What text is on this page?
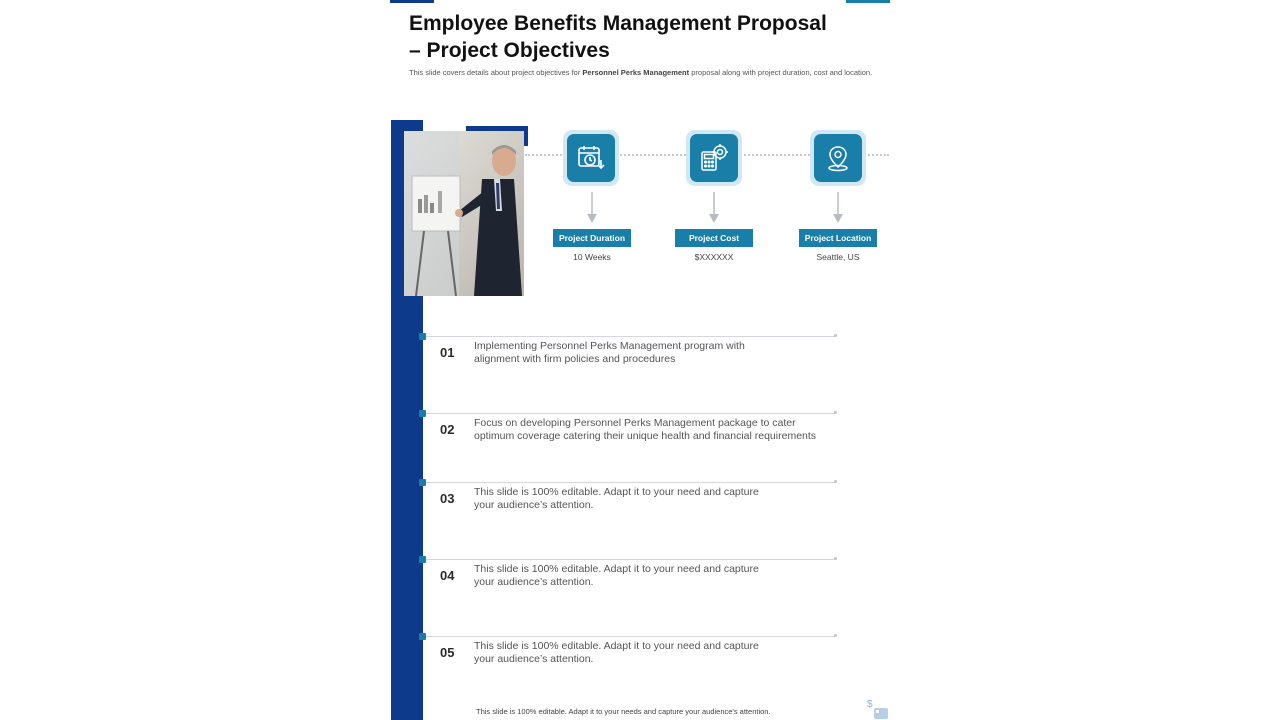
Employee Benefits Management Proposal
– Project Objectives
This slide covers details about project objectives for Personnel Perks Management proposal along with project duration, cost and location.
Project Duration	Project Cost	Project Location
10 Weeks	$XXXXXX	Seattle, US
01 Implementing Personnel Perks Management program with
alignment with firm policies and procedures
02 Focus on developing Personnel Perks Management package to cater
optimum coverage catering their unique health and financial requirements
03 This slide is 100% editable. Adapt it to your need and capture
your audience’s attention.
04 This slide is 100% editable. Adapt it to your need and capture
your audience’s attention.
05 This slide is 100% editable. Adapt it to your need and capture
your audience’s attention.
This slide is 100% editable. Adapt it to your needs and capture your audience's attention.
$
